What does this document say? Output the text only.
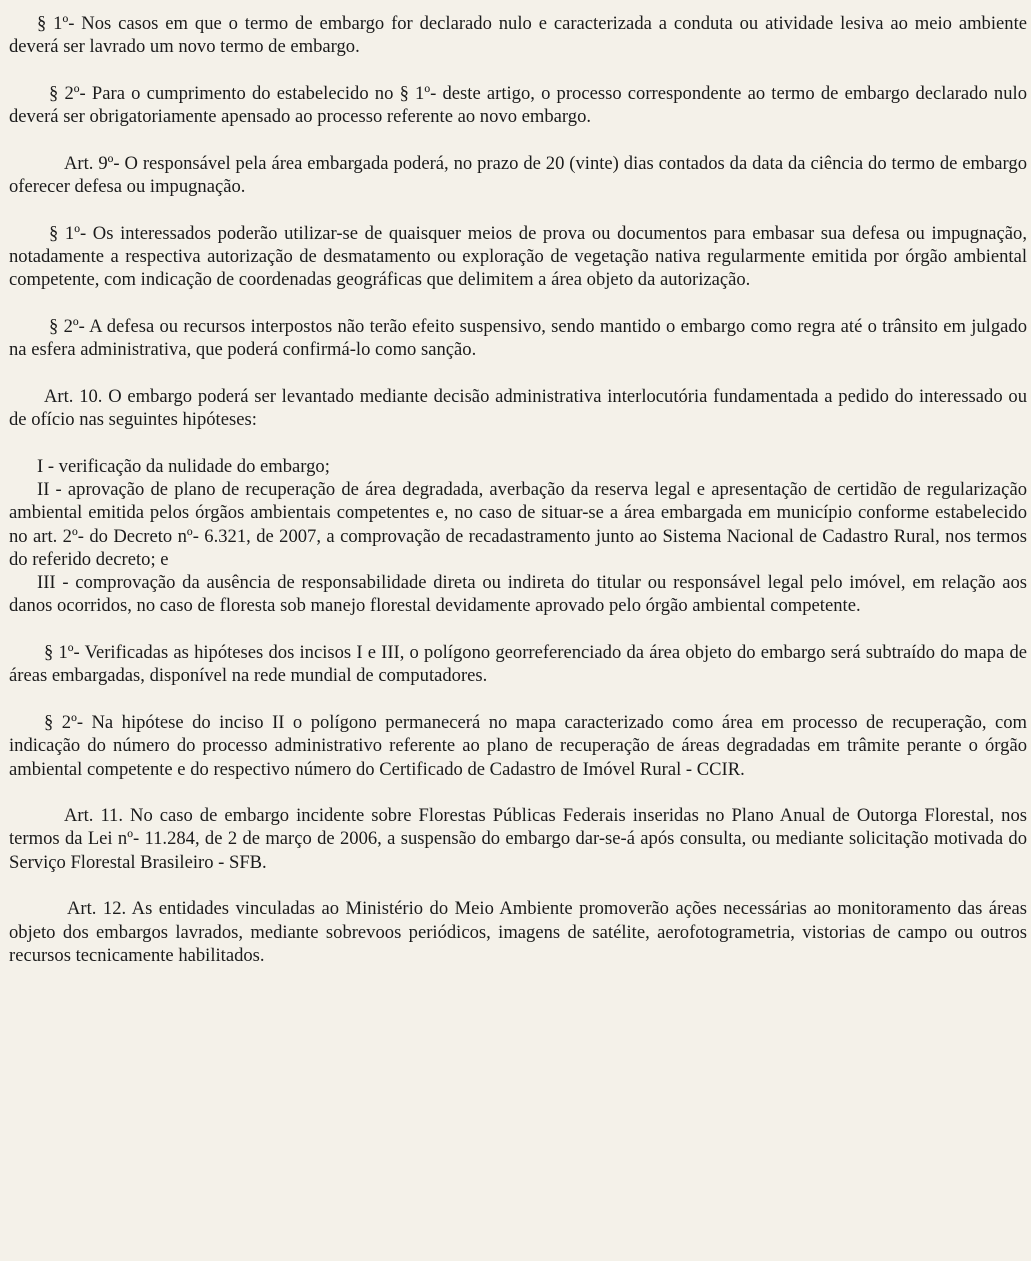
§ 1º- Nos casos em que o termo de embargo for declarado nulo e caracterizada a conduta ou atividade lesiva ao meio ambiente deverá ser lavrado um novo termo de embargo.

§ 2º- Para o cumprimento do estabelecido no § 1º- deste artigo, o processo correspondente ao termo de embargo declarado nulo deverá ser obrigatoriamente apensado ao processo referente ao novo embargo.

Art. 9º- O responsável pela área embargada poderá, no prazo de 20 (vinte) dias contados da data da ciência do termo de embargo oferecer defesa ou impugnação.

§ 1º- Os interessados poderão utilizar-se de quaisquer meios de prova ou documentos para embasar sua defesa ou impugnação, notadamente a respectiva autorização de desmatamento ou exploração de vegetação nativa regularmente emitida por órgão ambiental competente, com indicação de coordenadas geográficas que delimitem a área objeto da autorização.

§ 2º- A defesa ou recursos interpostos não terão efeito suspensivo, sendo mantido o embargo como regra até o trânsito em julgado na esfera administrativa, que poderá confirmá-lo como sanção.

Art. 10. O embargo poderá ser levantado mediante decisão administrativa interlocutória fundamentada a pedido do interessado ou de ofício nas seguintes hipóteses:

I - verificação da nulidade do embargo;

II - aprovação de plano de recuperação de área degradada, averbação da reserva legal e apresentação de certidão de regularização ambiental emitida pelos órgãos ambientais competentes e, no caso de situar-se a área embargada em município conforme estabelecido no art. 2º- do Decreto nº- 6.321, de 2007, a comprovação de recadastramento junto ao Sistema Nacional de Cadastro Rural, nos termos do referido decreto; e

III - comprovação da ausência de responsabilidade direta ou indireta do titular ou responsável legal pelo imóvel, em relação aos danos ocorridos, no caso de floresta sob manejo florestal devidamente aprovado pelo órgão ambiental competente.

§ 1º- Verificadas as hipóteses dos incisos I e III, o polígono georreferenciado da área objeto do embargo será subtraído do mapa de áreas embargadas, disponível na rede mundial de computadores.

§ 2º- Na hipótese do inciso II o polígono permanecerá no mapa caracterizado como área em processo de recuperação, com indicação do número do processo administrativo referente ao plano de recuperação de áreas degradadas em trâmite perante o órgão ambiental competente e do respectivo número do Certificado de Cadastro de Imóvel Rural - CCIR.

Art. 11. No caso de embargo incidente sobre Florestas Públicas Federais inseridas no Plano Anual de Outorga Florestal, nos termos da Lei nº- 11.284, de 2 de março de 2006, a suspensão do embargo dar-se-á após consulta, ou mediante solicitação motivada do Serviço Florestal Brasileiro - SFB.

Art. 12. As entidades vinculadas ao Ministério do Meio Ambiente promoverão ações necessárias ao monitoramento das áreas objeto dos embargos lavrados, mediante sobrevoos periódicos, imagens de satélite, aerofotogrametria, vistorias de campo ou outros recursos tecnicamente habilitados.
